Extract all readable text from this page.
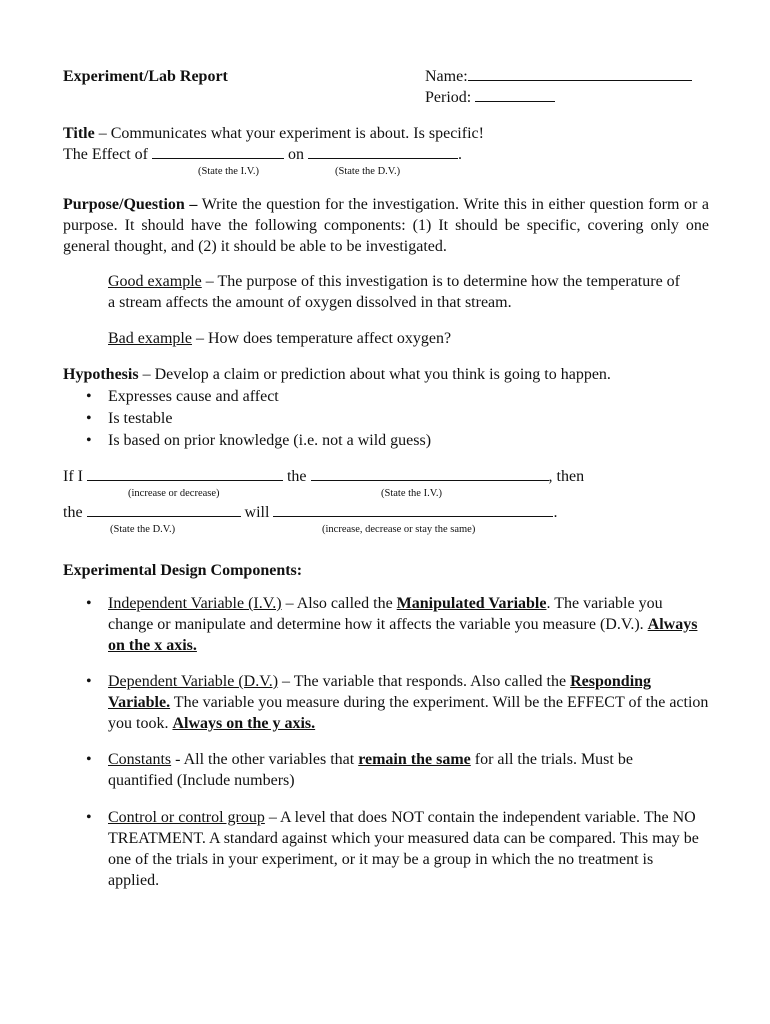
Experiment/Lab Report	Name:
Period:
Title – Communicates what your experiment is about. Is specific!
The Effect of	on	.
(State the I.V.)	(State the D.V.)
Purpose/Question – Write the question for the investigation. Write this in either question form or a purpose. It should have the following components: (1) It should be specific, covering only one general thought, and (2) it should be able to be investigated.
Good example – The purpose of this investigation is to determine how the temperature of a stream affects the amount of oxygen dissolved in that stream.
Bad example – How does temperature affect oxygen?
Hypothesis – Develop a claim or prediction about what you think is going to happen.
• Expresses cause and affect
• Is testable
• Is based on prior knowledge (i.e. not a wild guess)
If I	the	, then
(increase or decrease)	(State the I.V.)
the	will	.
(State the D.V.)	(increase, decrease or stay the same)
Experimental Design Components:
• Independent Variable (I.V.) – Also called the Manipulated Variable. The variable you change or manipulate and determine how it affects the variable you measure (D.V.). Always on the x axis.
• Dependent Variable (D.V.) – The variable that responds. Also called the Responding Variable. The variable you measure during the experiment. Will be the EFFECT of the action you took. Always on the y axis.
• Constants - All the other variables that remain the same for all the trials. Must be quantified (Include numbers)
• Control or control group – A level that does NOT contain the independent variable. The NO TREATMENT. A standard against which your measured data can be compared. This may be one of the trials in your experiment, or it may be a group in which the no treatment is applied.
